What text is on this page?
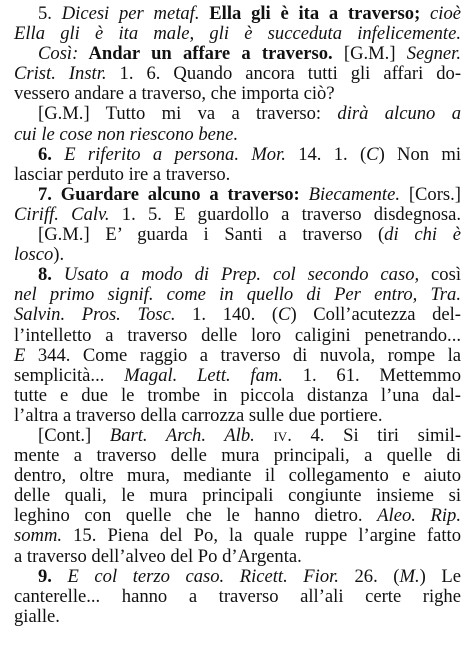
5. Dicesi per metaf. Ella gli è ita a traverso; cioè
Ella gli è ita male, gli è succeduta infelicemente.
Così: Andar un affare a traverso. [G.M.] Segner.
Crist. Instr. 1. 6. Quando ancora tutti gli affari do-
vessero andare a traverso, che importa ciò?
[G.M.] Tutto mi va a traverso: dirà alcuno a
cui le cose non riescono bene.
6. E riferito a persona. Mor. 14. 1. (C) Non mi
lasciar perduto ire a traverso.
7. Guardare alcuno a traverso: Biecamente. [Cors.]
Ciriff. Calv. 1. 5. E guardollo a traverso disdegnosa.
[G.M.] E’ guarda i Santi a traverso (di chi è
losco).
8. Usato a modo di Prep. col secondo caso, così
nel primo signif. come in quello di Per entro, Tra.
Salvin. Pros. Tosc. 1. 140. (C) Coll’acutezza del-
l’intelletto a traverso delle loro caligini penetrando...
E 344. Come raggio a traverso di nuvola, rompe la
semplicità... Magal. Lett. fam. 1. 61. Mettemmo
tutte e due le trombe in piccola distanza l’una dal-
l’altra a traverso della carrozza sulle due portiere.
[Cont.] Bart. Arch. Alb. iv. 4. Si tiri simil-
mente a traverso delle mura principali, a quelle di
dentro, oltre mura, mediante il collegamento e aiuto
delle quali, le mura principali congiunte insieme si
leghino con quelle che le hanno dietro. Aleo. Rip.
somm. 15. Piena del Po, la quale ruppe l’argine fatto
a traverso dell’alveo del Po d’Argenta.
9. E col terzo caso. Ricett. Fior. 26. (M.) Le
canterelle... hanno a traverso all’ali certe righe
gialle.
